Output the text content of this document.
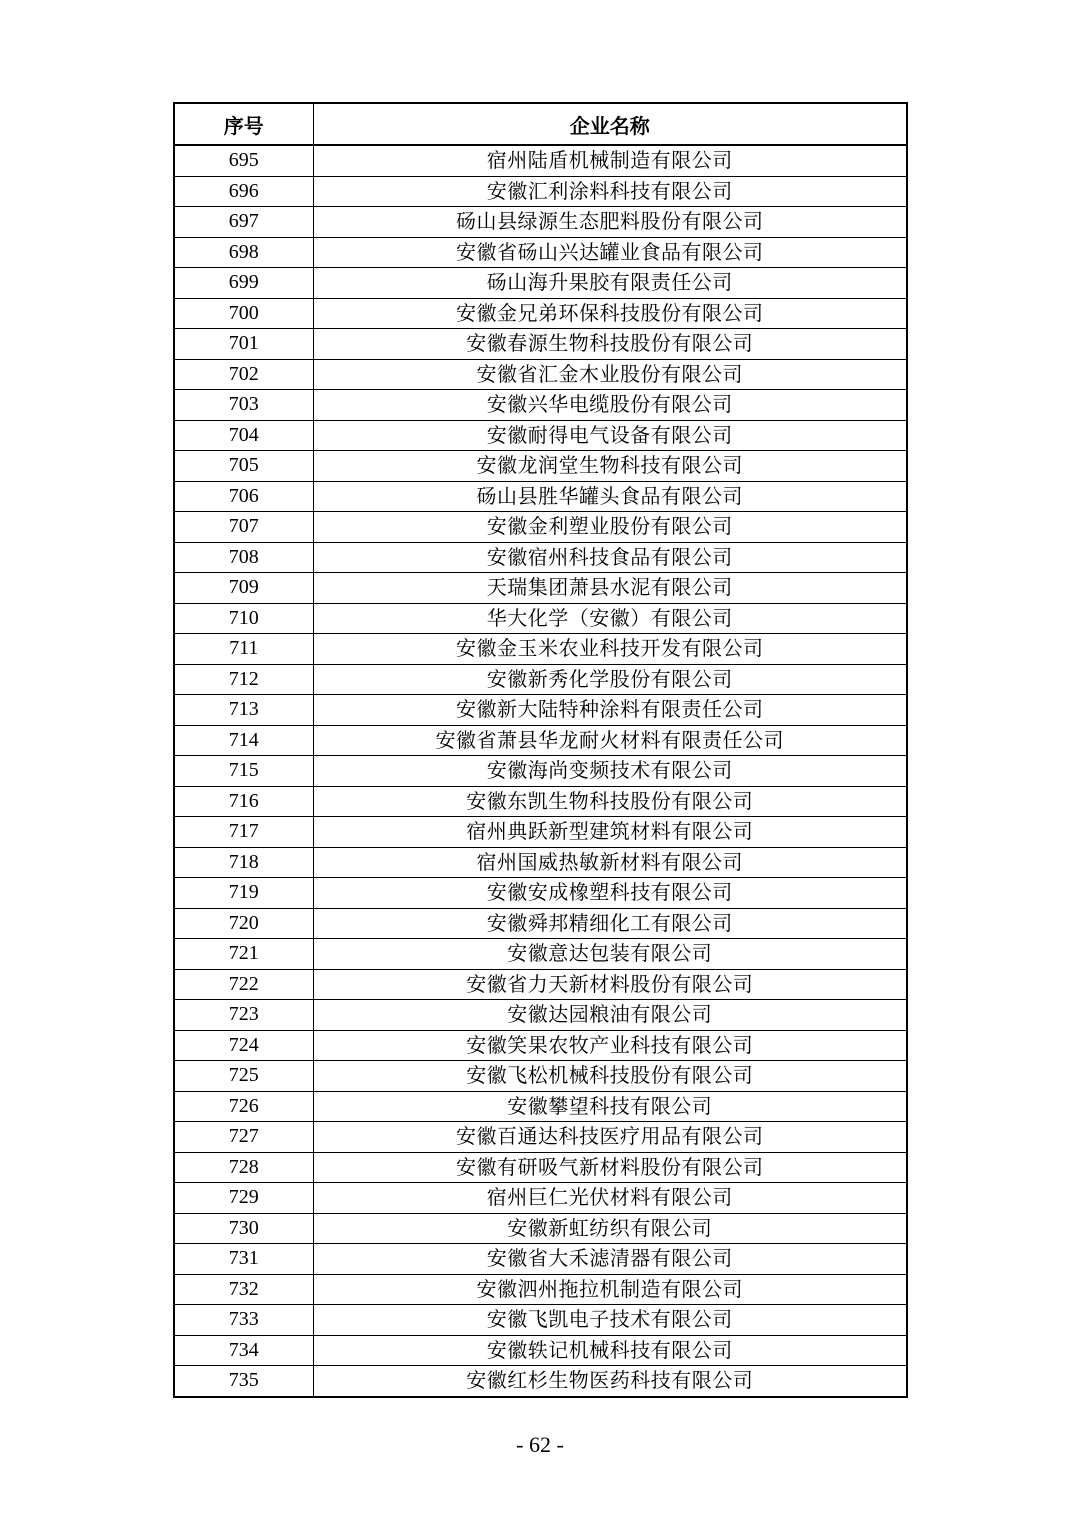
序号	企业名称
695	宿州陆盾机械制造有限公司
696	安徽汇利涂料科技有限公司
697	砀山县绿源生态肥料股份有限公司
698	安徽省砀山兴达罐业食品有限公司
699	砀山海升果胶有限责任公司
700	安徽金兄弟环保科技股份有限公司
701	安徽春源生物科技股份有限公司
702	安徽省汇金木业股份有限公司
703	安徽兴华电缆股份有限公司
704	安徽耐得电气设备有限公司
705	安徽龙润堂生物科技有限公司
706	砀山县胜华罐头食品有限公司
707	安徽金利塑业股份有限公司
708	安徽宿州科技食品有限公司
709	天瑞集团萧县水泥有限公司
710	华大化学（安徽）有限公司
711	安徽金玉米农业科技开发有限公司
712	安徽新秀化学股份有限公司
713	安徽新大陆特种涂料有限责任公司
714	安徽省萧县华龙耐火材料有限责任公司
715	安徽海尚变频技术有限公司
716	安徽东凯生物科技股份有限公司
717	宿州典跃新型建筑材料有限公司
718	宿州国威热敏新材料有限公司
719	安徽安成橡塑科技有限公司
720	安徽舜邦精细化工有限公司
721	安徽意达包装有限公司
722	安徽省力天新材料股份有限公司
723	安徽达园粮油有限公司
724	安徽笑果农牧产业科技有限公司
725	安徽飞松机械科技股份有限公司
726	安徽攀望科技有限公司
727	安徽百通达科技医疗用品有限公司
728	安徽有研吸气新材料股份有限公司
729	宿州巨仁光伏材料有限公司
730	安徽新虹纺织有限公司
731	安徽省大禾滤清器有限公司
732	安徽泗州拖拉机制造有限公司
733	安徽飞凯电子技术有限公司
734	安徽轶记机械科技有限公司
735	安徽红杉生物医药科技有限公司
- 62 -
